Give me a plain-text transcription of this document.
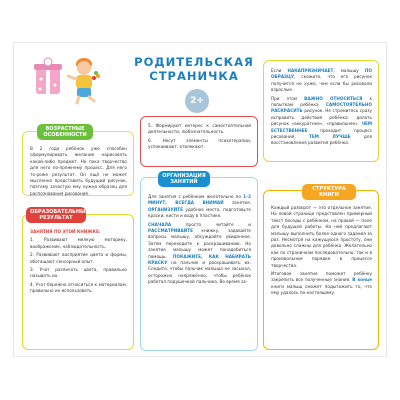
РОДИТЕЛЬСКАЯ
СТРАНИЧКА
2+

В 2 года ребёнок уже способен сформулировать желание нарисовать какой-либо предмет. Но пока творчество для него по-прежнему процесс. Для него то-роже результат. Он ещё не может мысленно представить будущий рисунок, поэтому зачастую ему нужна образец для распознавания рисования.

ВОЗРАСТНЫЕ ОСОБЕННОСТИ

ЗАНЯТИЯ ПО ЭТОЙ КНИЖКЕ:

1. Развивают мелкую моторику, воображение, наблюдательность.
2. Развивают восприятие цвета и формы, обогащают сенсорный опыт.
3. Учат различать цвета, правильно называть их.
4. Учат бережно относиться к материалам, правильно их использовать.
ОБРАЗОВАТЕЛЬНЫЙ РЕЗУЛЬТАТ

5. Формируют интерес к самостоятельной деятельности, любознательность.

6. Несут элементы психотерапии, успокаивают, отвлекают.

Для занятия с ребёнком желательно по 1–2 МИНУТ, ВСЕГДА ВНИМАЙ занятия. ОРГАНИЗУЙТЕ удобное место, подготовьте краски, кисти и воду в пластике.

СНАЧАЛА просто читайте и РАССМАТРИВАЙТЕ книжку, задавайте вопросы малышу, обсуждайте увиденное. Затем переходите к раскрашиванию. Но занятие малышу может понадобиться помощь. ПОКАЖИТЕ, КАК НАБИРАТЬ КРАСКУ на пальчик и раскрашивать их. Следите, чтобы пальчик малыша не засыхал, осторожно напряжённо, чтобы ребёнок работал подушечкой пальчика. Во время за-

ОРГАНИЗАЦИЯ ЗАНЯТИЙ

Если НАКАПРИЗНИЧАЕТ, малышу ПО ОБРАЗЦУ, скажите, что его рисунок получится не хуже, чем если бы рисовали взрослые.

При этом ВАЖНО ОТНОСИТЬСЯ к попыткам ребёнка САМОСТОЯТЕЛЬНО РАСКРАСИТЬ рисунок. Не стремитесь сразу исправить действия ребёнка: делать рисунок «аккуратнее», «правильнее». ЧЕМ ЕСТЕСТВЕННЕЕ проходит процесс рисования, ТЕМ ЛУЧШЕ для восстановления развития ребёнка.

Каждый разворот — это отдельное занятие. На левой странице представлен примерный текст беседы с ребёнком, на правой — поле для будущей работы. На ней предлагают малышу выполнить более одного задания за раз. Несмотря на кажущуюся простоту, они довольно сложны для ребёнка. Желательно как по страничкам последовательно, так и в произвольном порядке в процессе творчества.

Итоговое занятие поможет ребёнку закрепить все полученные знания. В конце книги малыш сможет подытожить то, что ему удалось по-настоящему.

СТРУКТУРА КНИГИ
